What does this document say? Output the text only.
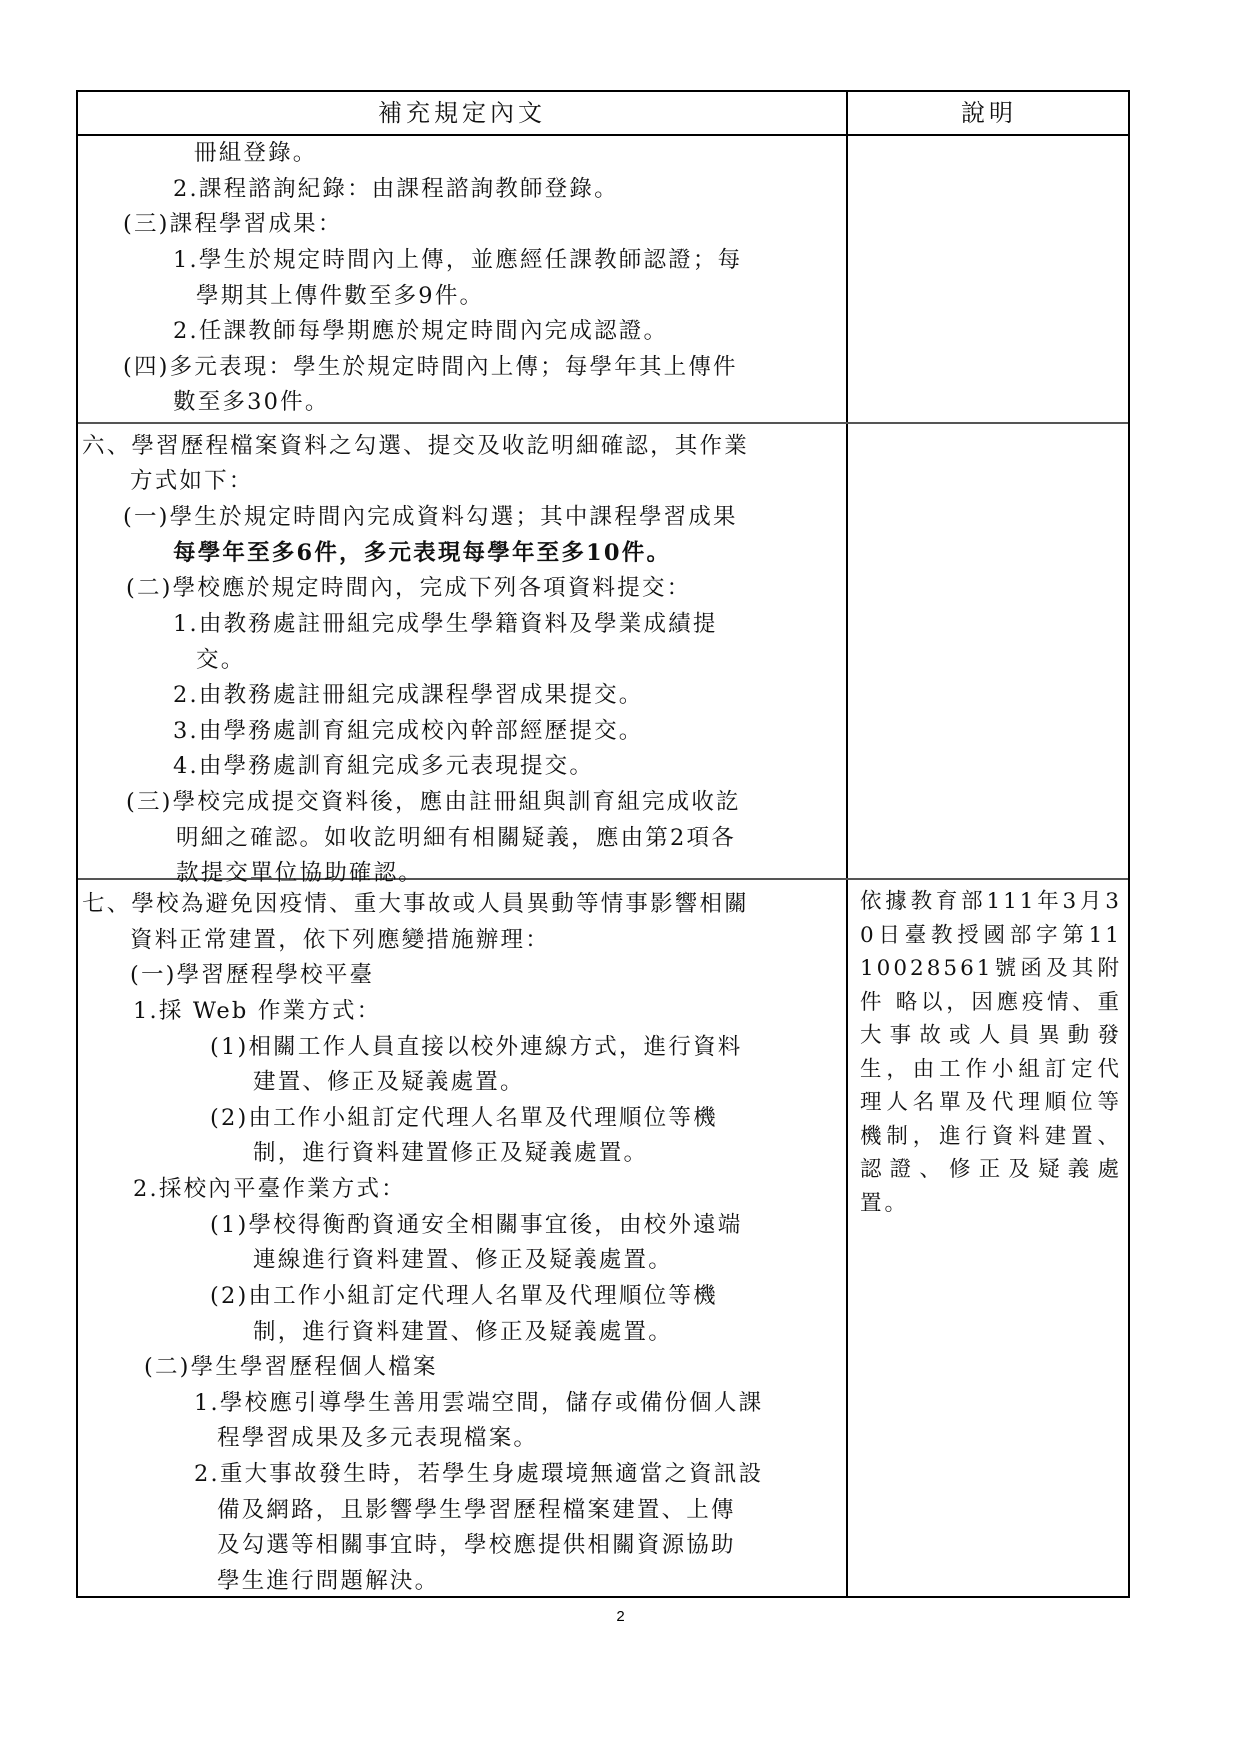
補充規定內文	說明
冊組登錄。
2.課程諮詢紀錄：由課程諮詢教師登錄。
(三)課程學習成果：
1.學生於規定時間內上傳，並應經任課教師認證；每
學期其上傳件數至多9件。
2.任課教師每學期應於規定時間內完成認證。
(四)多元表現：學生於規定時間內上傳；每學年其上傳件
數至多30件。
六、學習歷程檔案資料之勾選、提交及收訖明細確認，其作業
方式如下：
(一)學生於規定時間內完成資料勾選；其中課程學習成果
每學年至多6件，多元表現每學年至多10件。
(二)學校應於規定時間內，完成下列各項資料提交：
1.由教務處註冊組完成學生學籍資料及學業成績提
交。
2.由教務處註冊組完成課程學習成果提交。
3.由學務處訓育組完成校內幹部經歷提交。
4.由學務處訓育組完成多元表現提交。
(三)學校完成提交資料後，應由註冊組與訓育組完成收訖
明細之確認。如收訖明細有相關疑義，應由第2項各
款提交單位協助確認。
七、學校為避免因疫情、重大事故或人員異動等情事影響相關
資料正常建置，依下列應變措施辦理：
(一)學習歷程學校平臺
1.採 Web 作業方式：
(1)相關工作人員直接以校外連線方式，進行資料
建置、修正及疑義處置。
(2)由工作小組訂定代理人名單及代理順位等機
制，進行資料建置修正及疑義處置。
2.採校內平臺作業方式：
(1)學校得衡酌資通安全相關事宜後，由校外遠端
連線進行資料建置、修正及疑義處置。
(2)由工作小組訂定代理人名單及代理順位等機
制，進行資料建置、修正及疑義處置。
(二)學生學習歷程個人檔案
1.學校應引導學生善用雲端空間，儲存或備份個人課
程學習成果及多元表現檔案。
2.重大事故發生時，若學生身處環境無適當之資訊設
備及網路，且影響學生學習歷程檔案建置、上傳
及勾選等相關事宜時，學校應提供相關資源協助
學生進行問題解決。
依據教育部111年3月30日臺教授國部字第1110028561號函及其附件 略以，因應疫情、重大事故或人員異動發生，由工作小組訂定代理人名單及代理順位等機制，進行資料建置、認證、修正及疑義處置。
2
